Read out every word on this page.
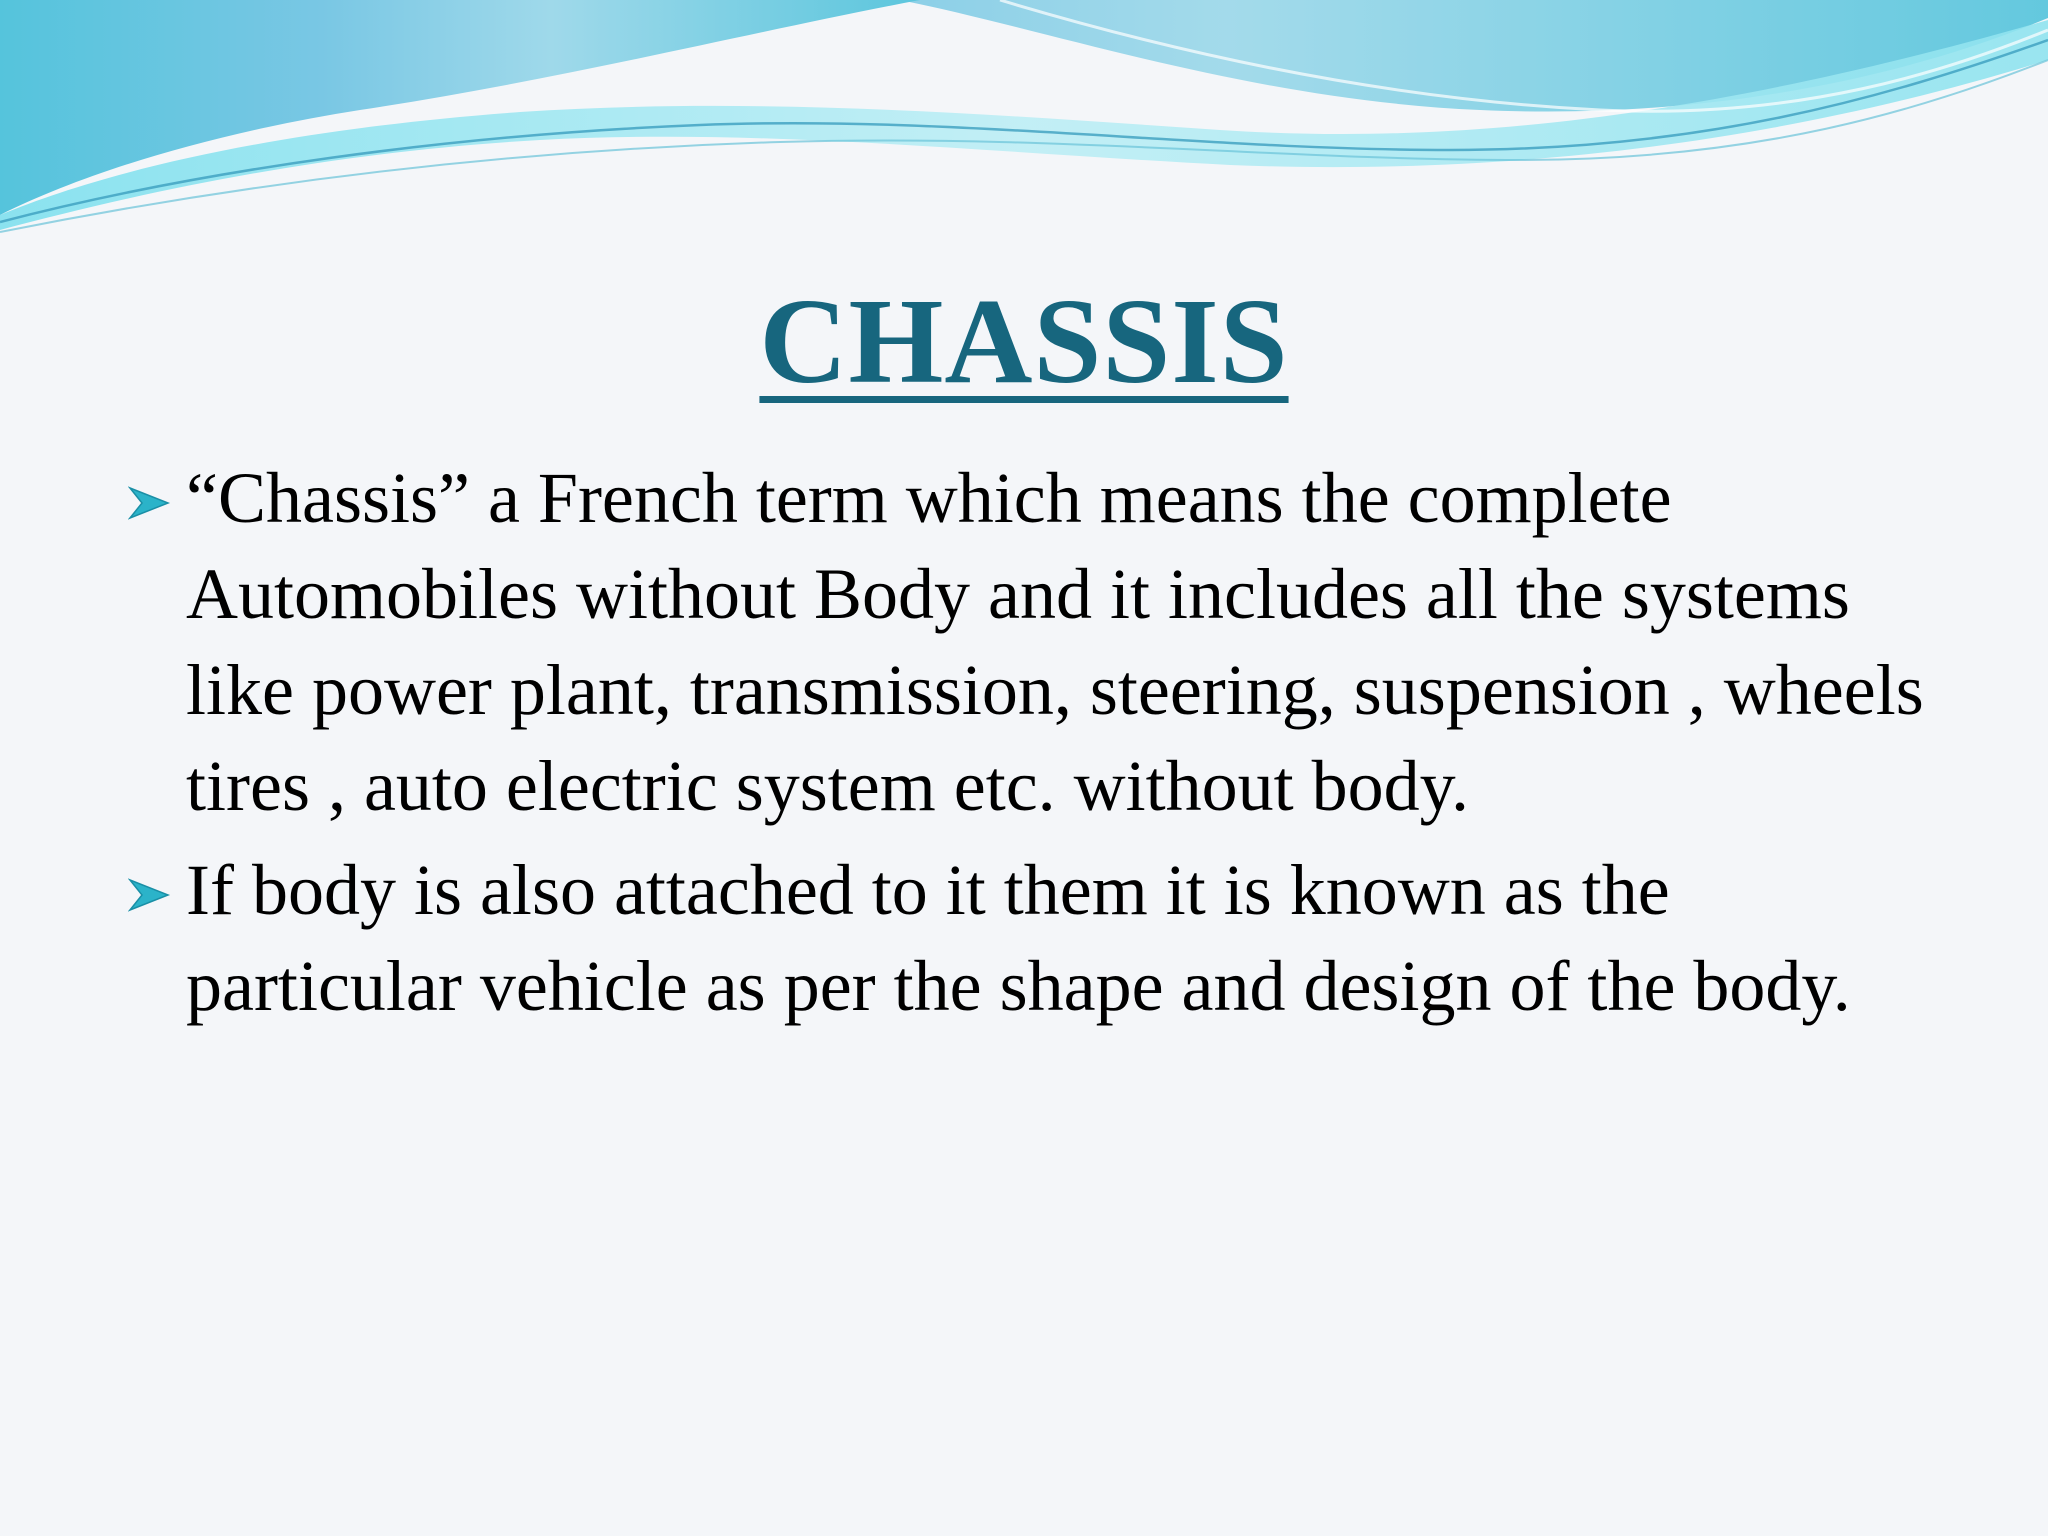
CHASSIS
“Chassis” a French term which means the complete Automobiles without Body and it includes all the systems like power plant, transmission, steering, suspension , wheels tires , auto electric system etc. without body.
If body is also attached to it them it is known as the particular vehicle as per the shape and design of the body.
